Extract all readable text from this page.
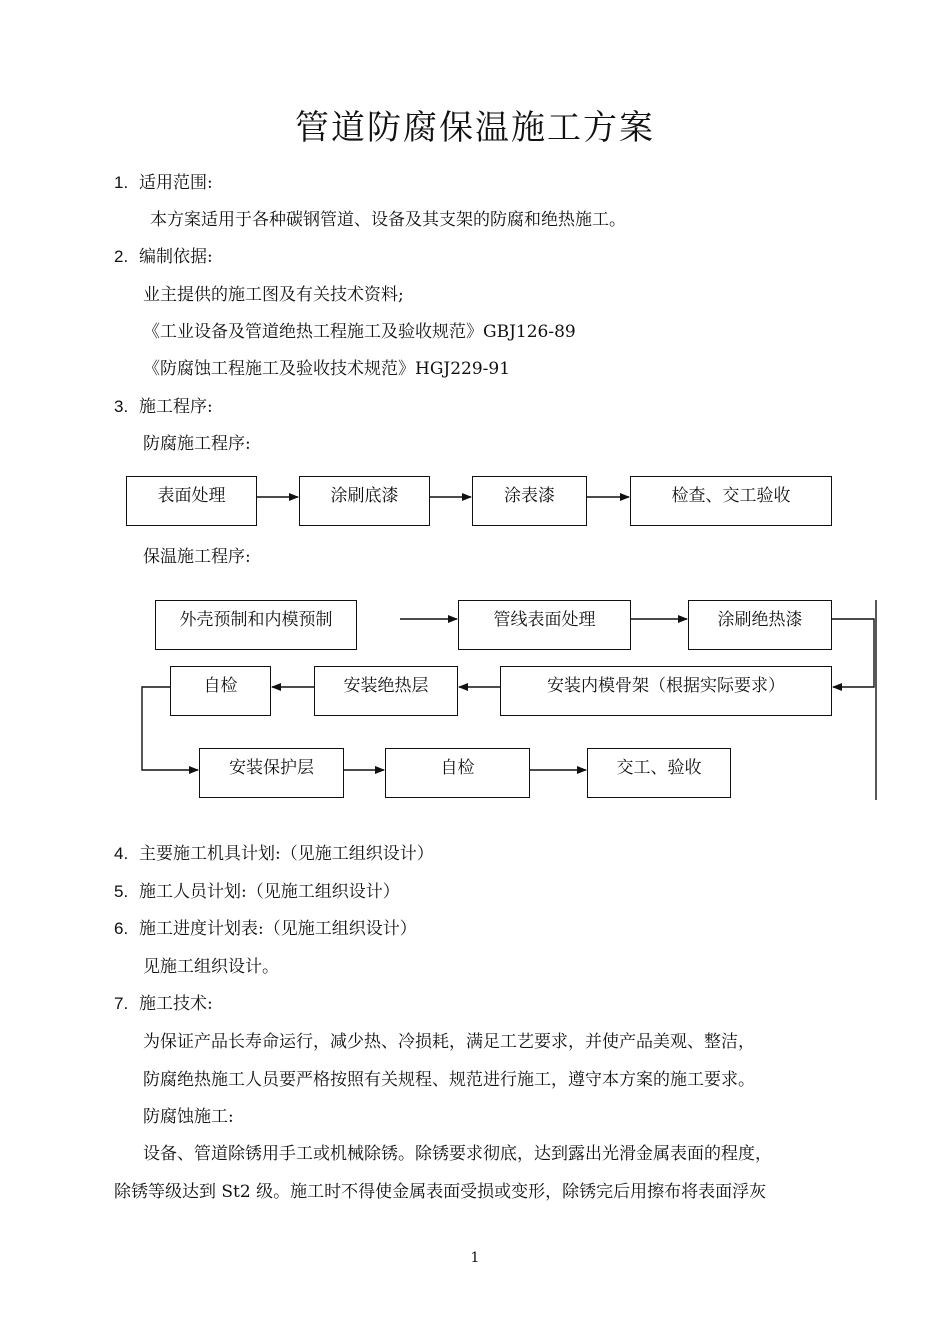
管道防腐保温施工方案
1. 适用范围:
本方案适用于各种碳钢管道、设备及其支架的防腐和绝热施工。
2. 编制依据:
业主提供的施工图及有关技术资料;
《工业设备及管道绝热工程施工及验收规范》GBJ126-89
《防腐蚀工程施工及验收技术规范》HGJ229-91
3. 施工程序:
防腐施工程序:
表面处理	涂刷底漆	涂表漆	检查、交工验收
保温施工程序:
外壳预制和内模预制	管线表面处理	涂刷绝热漆
自检	安装绝热层	安装内模骨架（根据实际要求）
安装保护层	自检	交工、验收
4. 主要施工机具计划:（见施工组织设计）
5. 施工人员计划:（见施工组织设计）
6. 施工进度计划表:（见施工组织设计）
见施工组织设计。
7. 施工技术:
为保证产品长寿命运行，减少热、冷损耗，满足工艺要求，并使产品美观、整洁，
防腐绝热施工人员要严格按照有关规程、规范进行施工，遵守本方案的施工要求。
防腐蚀施工:
设备、管道除锈用手工或机械除锈。除锈要求彻底，达到露出光滑金属表面的程度，
除锈等级达到 St2 级。施工时不得使金属表面受损或变形，除锈完后用擦布将表面浮灰
1
